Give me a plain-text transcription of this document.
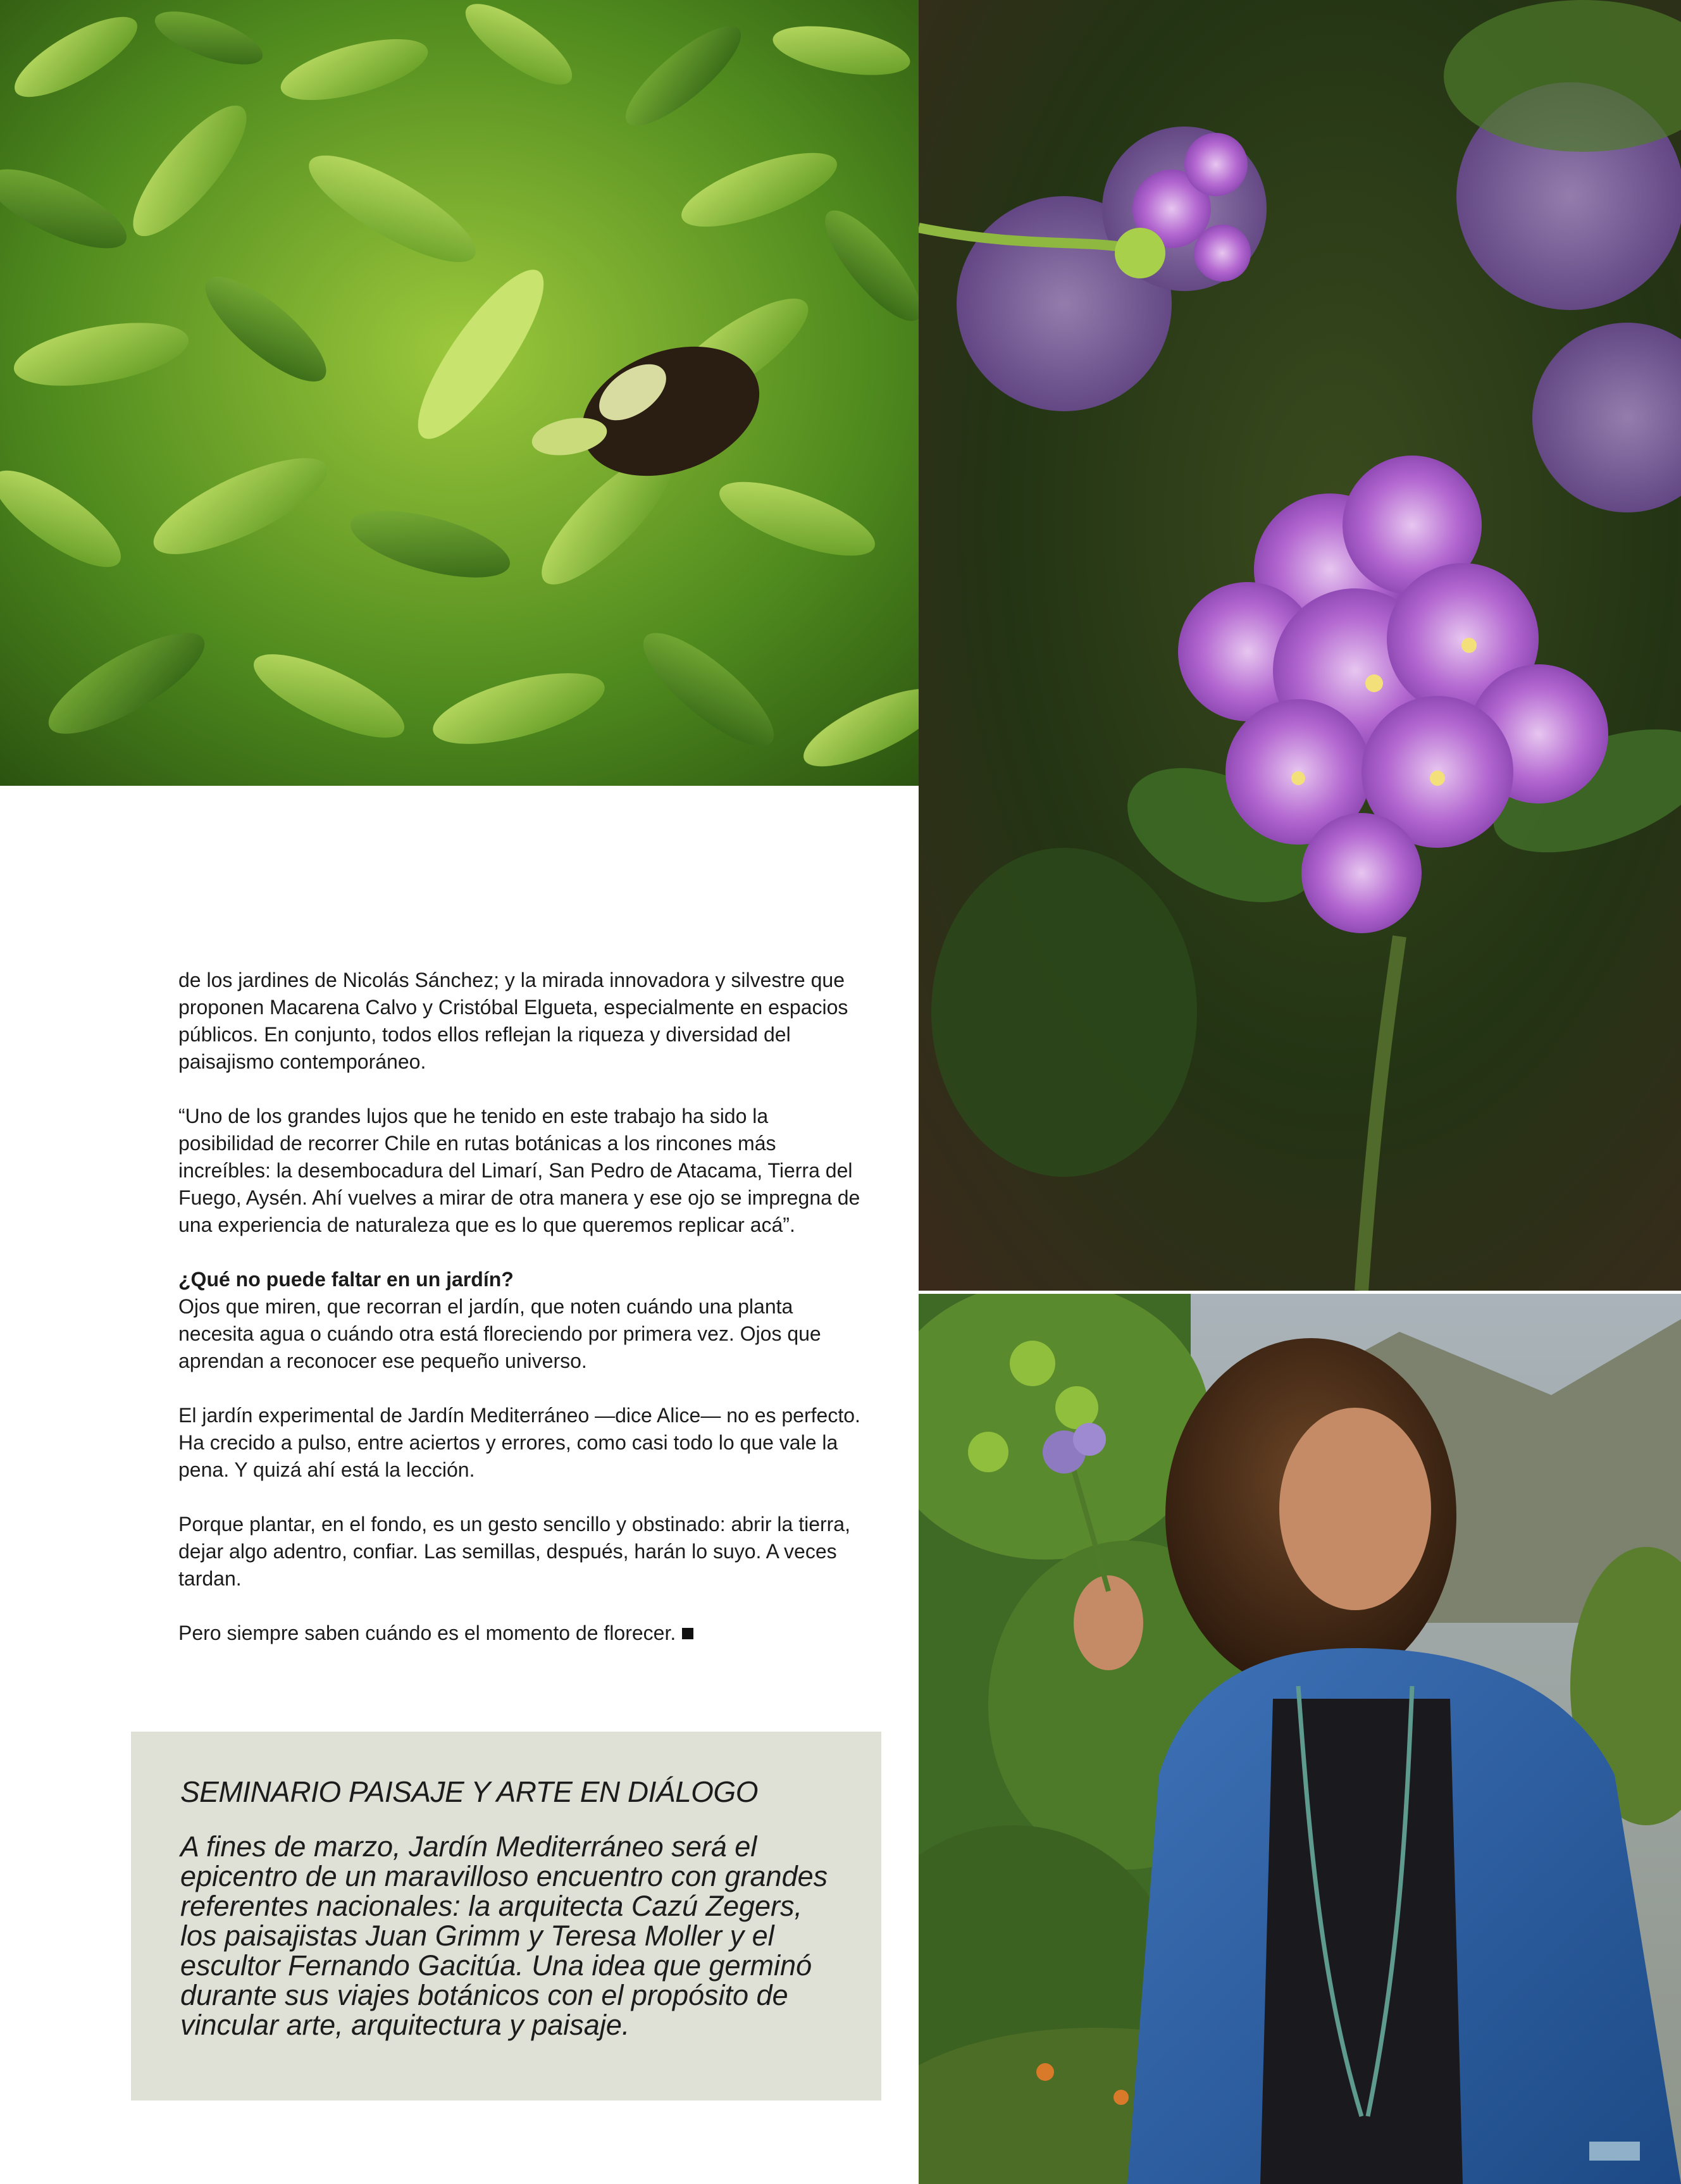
de los jardines de Nicolás Sánchez; y la mirada innovadora y silvestre que proponen Macarena Calvo y Cristóbal Elgueta, especialmente en espacios públicos. En conjunto, todos ellos reflejan la riqueza y diversidad del paisajismo contemporáneo.

“Uno de los grandes lujos que he tenido en este trabajo ha sido la posibilidad de recorrer Chile en rutas botánicas a los rincones más increíbles: la desembocadura del Limarí, San Pedro de Atacama, Tierra del Fuego, Aysén. Ahí vuelves a mirar de otra manera y ese ojo se impregna de una experiencia de naturaleza que es lo que queremos replicar acá”.

¿Qué no puede faltar en un jardín?
Ojos que miren, que recorran el jardín, que noten cuándo una planta necesita agua o cuándo otra está floreciendo por primera vez. Ojos que aprendan a reconocer ese pequeño universo.

El jardín experimental de Jardín Mediterráneo —dice Alice— no es perfecto. Ha crecido a pulso, entre aciertos y errores, como casi todo lo que vale la pena. Y quizá ahí está la lección.

Porque plantar, en el fondo, es un gesto sencillo y obstinado: abrir la tierra, dejar algo adentro, confiar. Las semillas, después, harán lo suyo. A veces tardan.

Pero siempre saben cuándo es el momento de florecer.

SEMINARIO PAISAJE Y ARTE EN DIÁLOGO

A fines de marzo, Jardín Mediterráneo será el epicentro de un maravilloso encuentro con grandes referentes nacionales: la arquitecta Cazú Zegers, los paisajistas Juan Grimm y Teresa Moller y el escultor Fernando Gacitúa. Una idea que germinó durante sus viajes botánicos con el propósito de vincular arte, arquitectura y paisaje.
